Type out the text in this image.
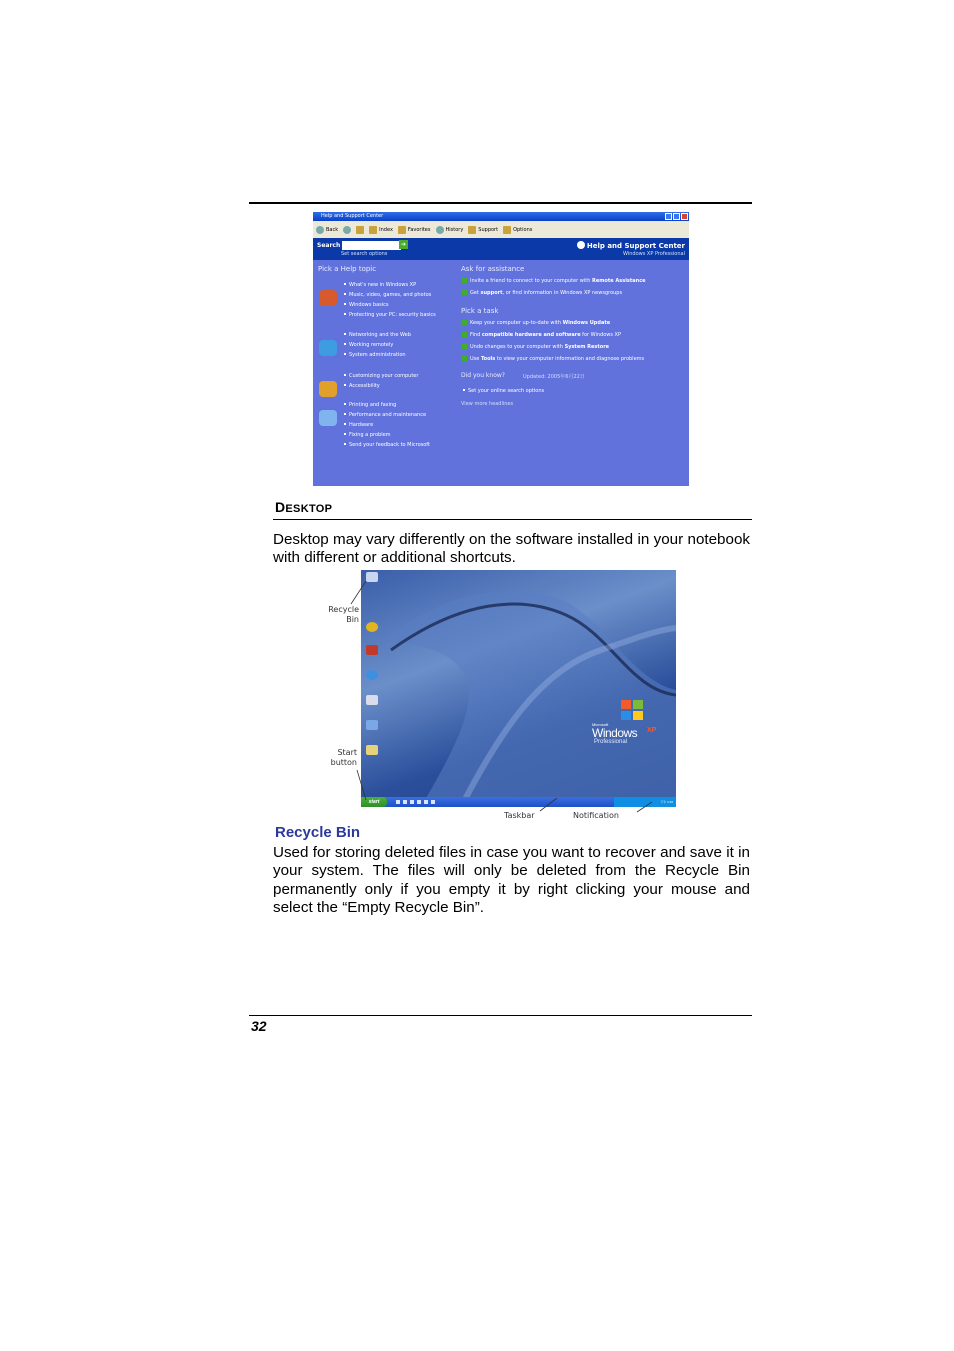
Help and Support Center
Back	Index	Favorites	History	Support	Options
Search	➔
Set search options
Help and Support Center
Windows XP Professional
Pick a Help topic
What's new in Windows XP
Music, video, games, and photos
Windows basics
Protecting your PC: security basics
Networking and the Web
Working remotely
System administration
Customizing your computer
Accessibility
Printing and faxing
Performance and maintenance
Hardware
Fixing a problem
Send your feedback to Microsoft
Ask for assistance
Invite a friend to connect to your computer with Remote Assistance
Get support, or find information in Windows XP newsgroups
Pick a task
Keep your computer up-to-date with Windows Update
Find compatible hardware and software for Windows XP
Undo changes to your computer with System Restore
Use Tools to view your computer information and diagnose problems
Did you know?	Updated: 2005年6月22日
Set your online search options
View more headlines
DESKTOP

Desktop may vary differently on the software installed in your notebook with different or additional shortcuts.

Microsoft
Windows XP
Professional
start	下午 3:26
Recycle
Bin
Start
button
Taskbar	Notification
Recycle Bin

Used for storing deleted files in case you want to recover and save it in your system. The files will only be deleted from the Recycle Bin permanently only if you empty it by right clicking your mouse and select the “Empty Recycle Bin”.

32
